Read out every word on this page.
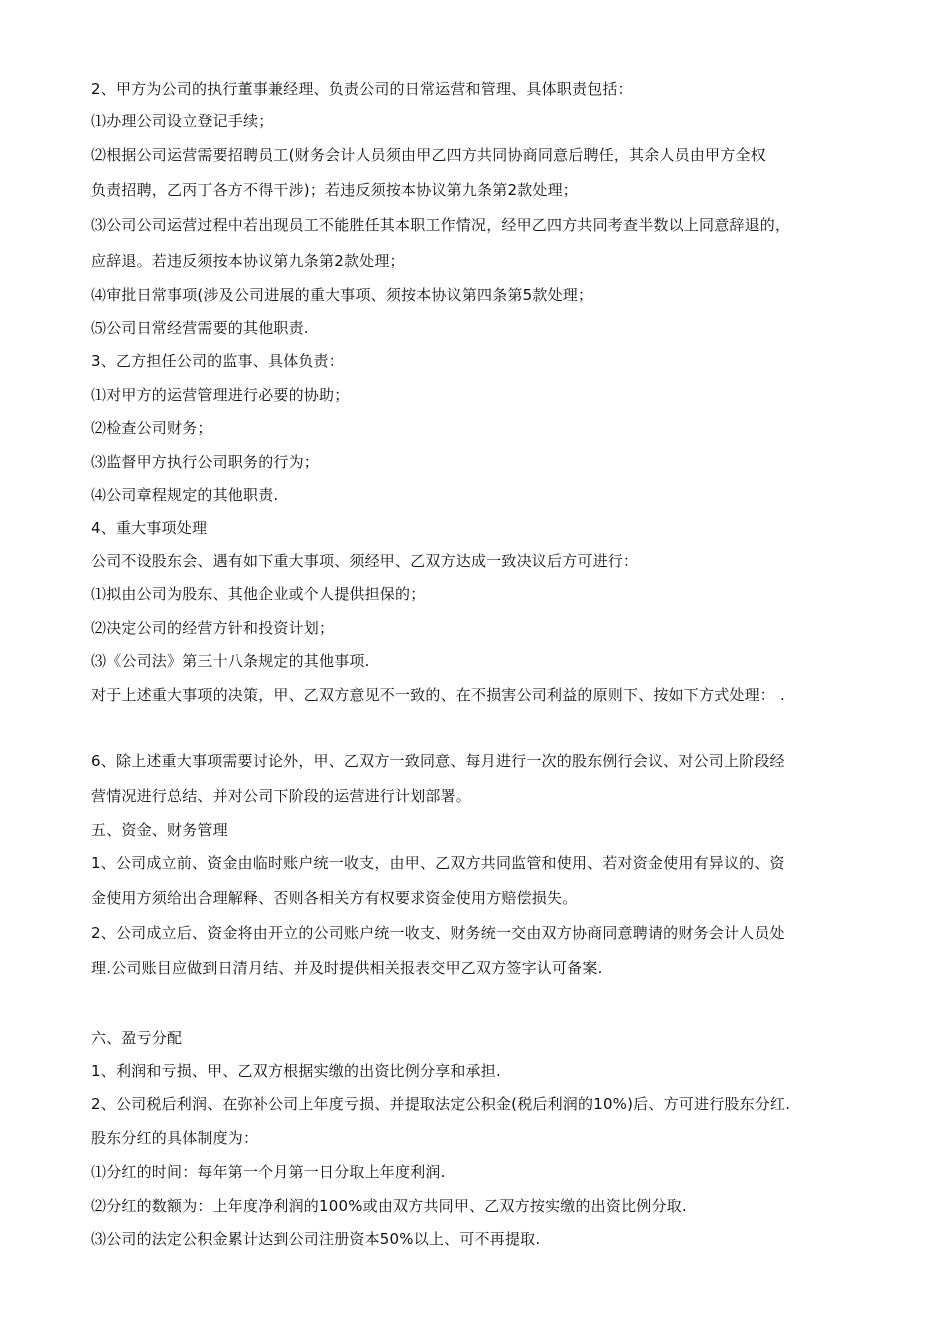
2、甲方为公司的执行董事兼经理、负责公司的日常运营和管理、具体职责包括：
⑴办理公司设立登记手续；
⑵根据公司运营需要招聘员工(财务会计人员须由甲乙四方共同协商同意后聘任，其余人员由甲方全权
负责招聘，乙丙丁各方不得干涉)；若违反须按本协议第九条第2款处理；
⑶公司公司运营过程中若出现员工不能胜任其本职工作情况，经甲乙四方共同考查半数以上同意辞退的，
应辞退。若违反须按本协议第九条第2款处理；
⑷审批日常事项(涉及公司进展的重大事项、须按本协议第四条第5款处理；
⑸公司日常经营需要的其他职责.
3、乙方担任公司的监事、具体负责：
⑴对甲方的运营管理进行必要的协助；
⑵检查公司财务；
⑶监督甲方执行公司职务的行为；
⑷公司章程规定的其他职责.
4、重大事项处理
公司不设股东会、遇有如下重大事项、须经甲、乙双方达成一致决议后方可进行：
⑴拟由公司为股东、其他企业或个人提供担保的；
⑵决定公司的经营方针和投资计划；
⑶《公司法》第三十八条规定的其他事项.
对于上述重大事项的决策，甲、乙双方意见不一致的、在不损害公司利益的原则下、按如下方式处理： .
6、除上述重大事项需要讨论外，甲、乙双方一致同意、每月进行一次的股东例行会议、对公司上阶段经
营情况进行总结、并对公司下阶段的运营进行计划部署。
五、资金、财务管理
1、公司成立前、资金由临时账户统一收支，由甲、乙双方共同监管和使用、若对资金使用有异议的、资
金使用方须给出合理解释、否则各相关方有权要求资金使用方赔偿损失。
2、公司成立后、资金将由开立的公司账户统一收支、财务统一交由双方协商同意聘请的财务会计人员处
理.公司账目应做到日清月结、并及时提供相关报表交甲乙双方签字认可备案.
六、盈亏分配
1、利润和亏损、甲、乙双方根据实缴的出资比例分享和承担.
2、公司税后利润、在弥补公司上年度亏损、并提取法定公积金(税后利润的10%)后、方可进行股东分红.
股东分红的具体制度为：
⑴分红的时间：每年第一个月第一日分取上年度利润.
⑵分红的数额为：上年度净利润的100%或由双方共同甲、乙双方按实缴的出资比例分取.
⑶公司的法定公积金累计达到公司注册资本50%以上、可不再提取.
